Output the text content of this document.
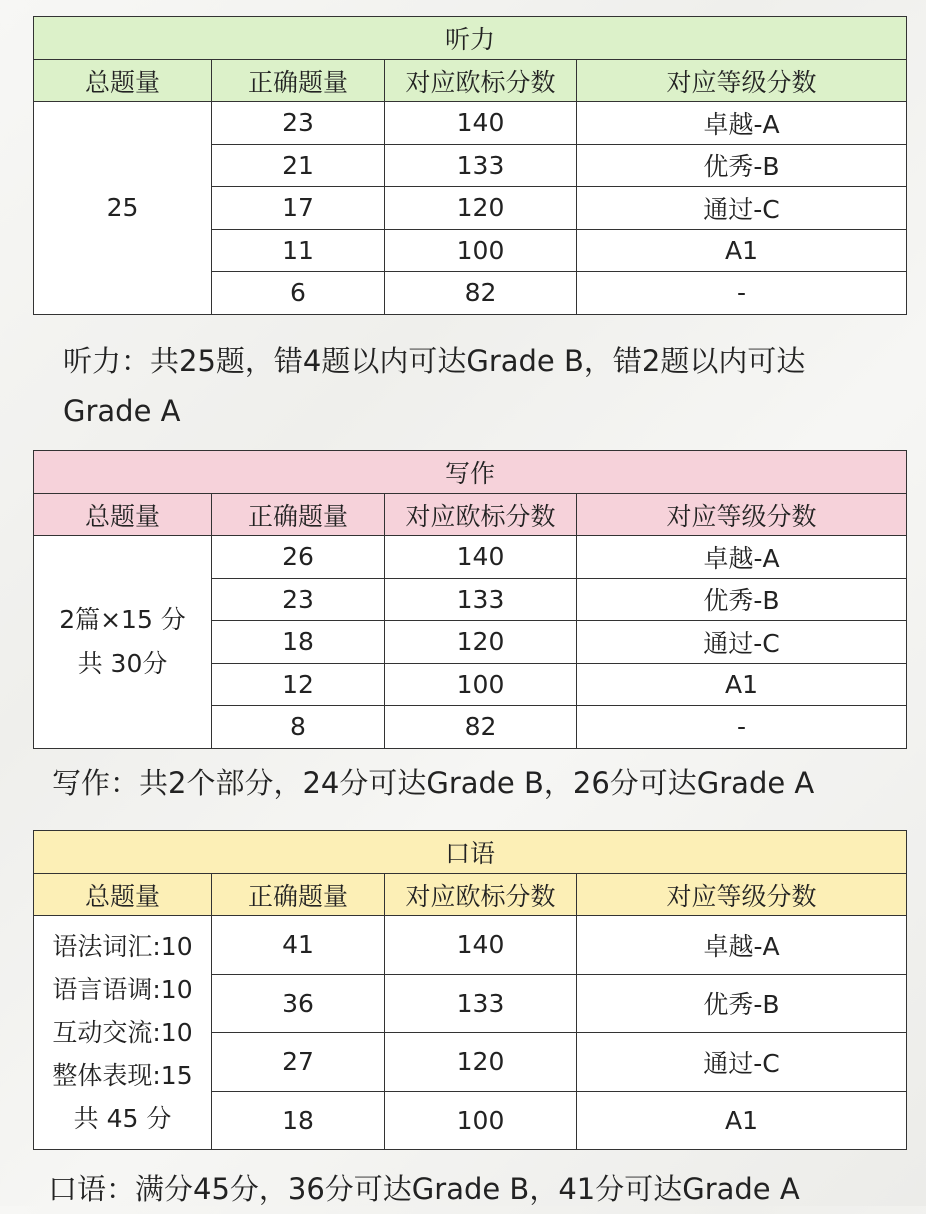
听力			
总题量	正确题量	对应欧标分数	对应等级分数

25	23	140	卓越-A
	21	133	优秀-B
	17	120	通过-C
	11	100	A1
	6	82	-
听力：共25题，错4题以内可达Grade B，错2题以内可达Grade A
写作			
总题量	正确题量	对应欧标分数	对应等级分数

2篇×15 分
共 30分	26	140	卓越-A
	23	133	优秀-B
	18	120	通过-C
	12	100	A1
	8	82	-
写作：共2个部分，24分可达Grade B，26分可达Grade A
口语			
总题量	正确题量	对应欧标分数	对应等级分数

语法词汇:10
语言语调:10
互动交流:10
整体表现:15
共 45 分	41	140	卓越-A
	36	133	优秀-B
	27	120	通过-C
	18	100	A1
口语：满分45分，36分可达Grade B，41分可达Grade A
